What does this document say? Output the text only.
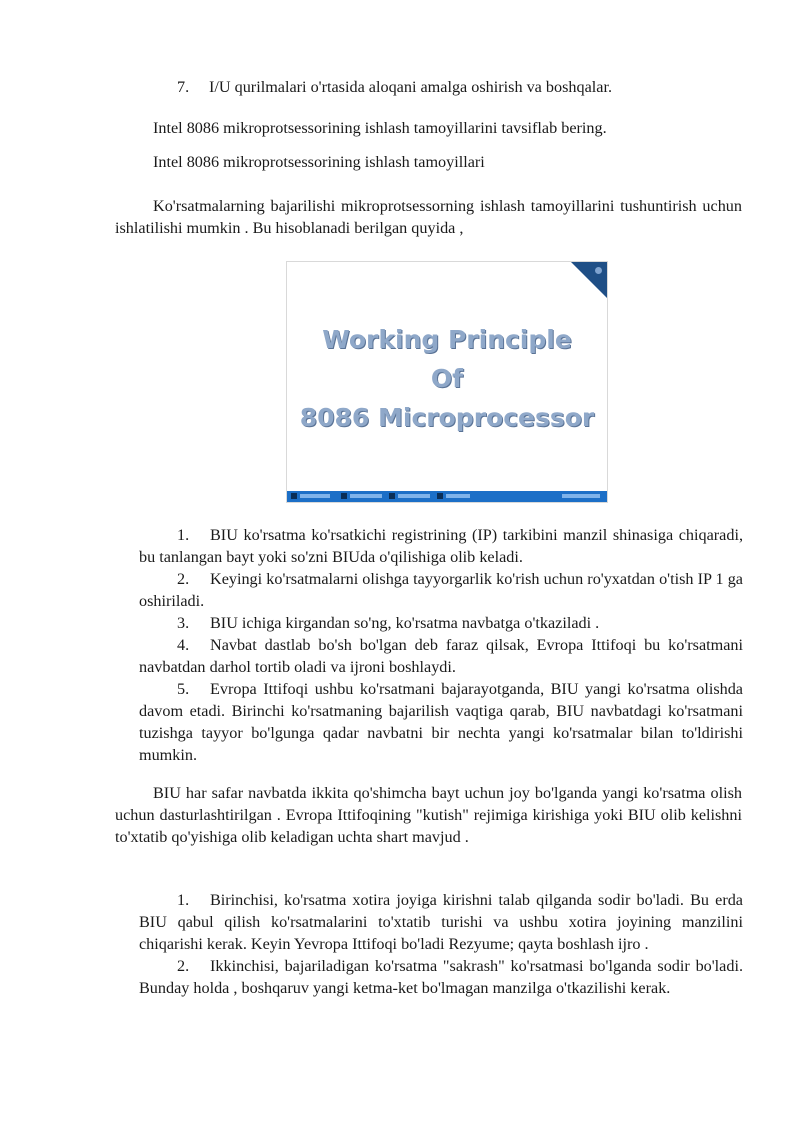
7. I/U qurilmalari o'rtasida aloqani amalga oshirish va boshqalar.
Intel 8086 mikroprotsessorining ishlash tamoyillarini tavsiflab bering.
Intel 8086 mikroprotsessorining ishlash tamoyillari
Ko'rsatmalarning bajarilishi mikroprotsessorning ishlash tamoyillarini tushuntirish uchun ishlatilishi mumkin . Bu hisoblanadi berilgan quyida ,
Working Principle
Of
8086 Microprocessor

1. BIU ko'rsatma ko'rsatkichi registrining (IP) tarkibini manzil shinasiga chiqaradi, bu tanlangan bayt yoki so'zni BIUda o'qilishiga olib keladi.

2. Keyingi ko'rsatmalarni olishga tayyorgarlik ko'rish uchun ro'yxatdan o'tish IP 1 ga oshiriladi.

3. BIU ichiga kirgandan so'ng, ko'rsatma navbatga o'tkaziladi .

4. Navbat dastlab bo'sh bo'lgan deb faraz qilsak, Evropa Ittifoqi bu ko'rsatmani navbatdan darhol tortib oladi va ijroni boshlaydi.

5. Evropa Ittifoqi ushbu ko'rsatmani bajarayotganda, BIU yangi ko'rsatma olishda davom etadi. Birinchi ko'rsatmaning bajarilish vaqtiga qarab, BIU navbatdagi ko'rsatmani tuzishga tayyor bo'lgunga qadar navbatni bir nechta yangi ko'rsatmalar bilan to'ldirishi mumkin.

BIU har safar navbatda ikkita qo'shimcha bayt uchun joy bo'lganda yangi ko'rsatma olish uchun dasturlashtirilgan . Evropa Ittifoqining "kutish" rejimiga kirishiga yoki BIU olib kelishni to'xtatib qo'yishiga olib keladigan uchta shart mavjud .

1. Birinchisi, ko'rsatma xotira joyiga kirishni talab qilganda sodir bo'ladi. Bu erda BIU qabul qilish ko'rsatmalarini to'xtatib turishi va ushbu xotira joyining manzilini chiqarishi kerak. Keyin Yevropa Ittifoqi bo'ladi Rezyume; qayta boshlash ijro .

2. Ikkinchisi, bajariladigan ko'rsatma "sakrash" ko'rsatmasi bo'lganda sodir bo'ladi. Bunday holda , boshqaruv yangi ketma-ket bo'lmagan manzilga o'tkazilishi kerak.
